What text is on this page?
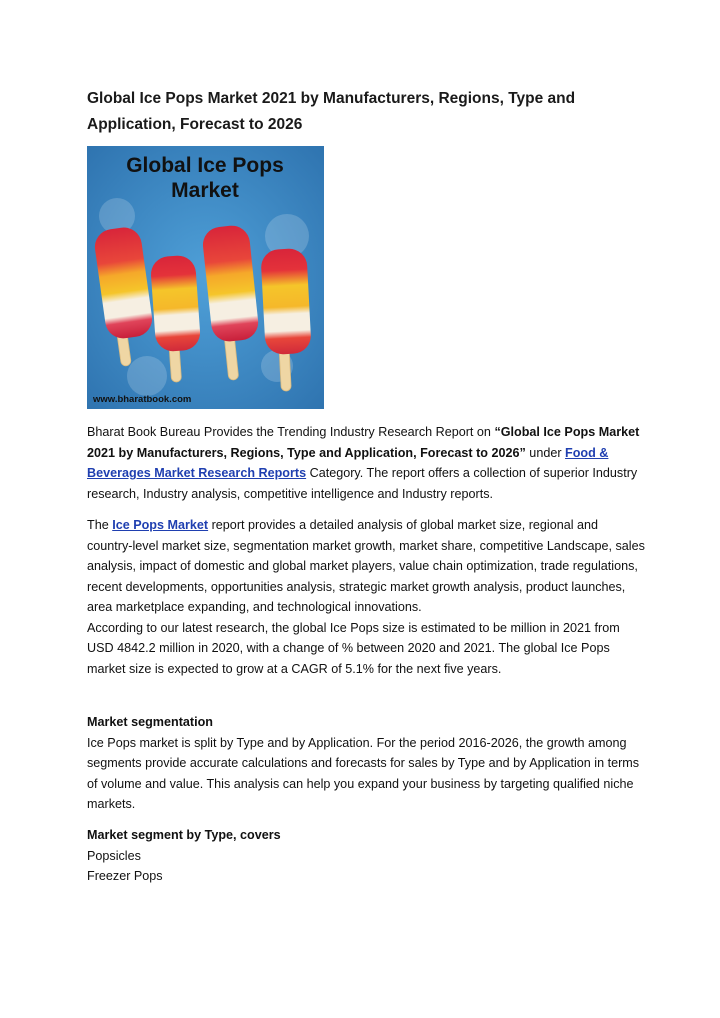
Global Ice Pops Market 2021 by Manufacturers, Regions, Type and Application, Forecast to 2026
Global Ice Pops
Market
www.bharatbook.com

Bharat Book Bureau Provides the Trending Industry Research Report on “Global Ice Pops Market 2021 by Manufacturers, Regions, Type and Application, Forecast to 2026” under Food & Beverages Market Research Reports Category. The report offers a collection of superior Industry research, Industry analysis, competitive intelligence and Industry reports.

The Ice Pops Market report provides a detailed analysis of global market size, regional and country-level market size, segmentation market growth, market share, competitive Landscape, sales analysis, impact of domestic and global market players, value chain optimization, trade regulations, recent developments, opportunities analysis, strategic market growth analysis, product launches, area marketplace expanding, and technological innovations.

According to our latest research, the global Ice Pops size is estimated to be million in 2021 from USD 4842.2 million in 2020, with a change of % between 2020 and 2021. The global Ice Pops market size is expected to grow at a CAGR of 5.1% for the next five years.

Market segmentation

Ice Pops market is split by Type and by Application. For the period 2016-2026, the growth among segments provide accurate calculations and forecasts for sales by Type and by Application in terms of volume and value. This analysis can help you expand your business by targeting qualified niche markets.

Market segment by Type, covers

Popsicles

Freezer Pops
